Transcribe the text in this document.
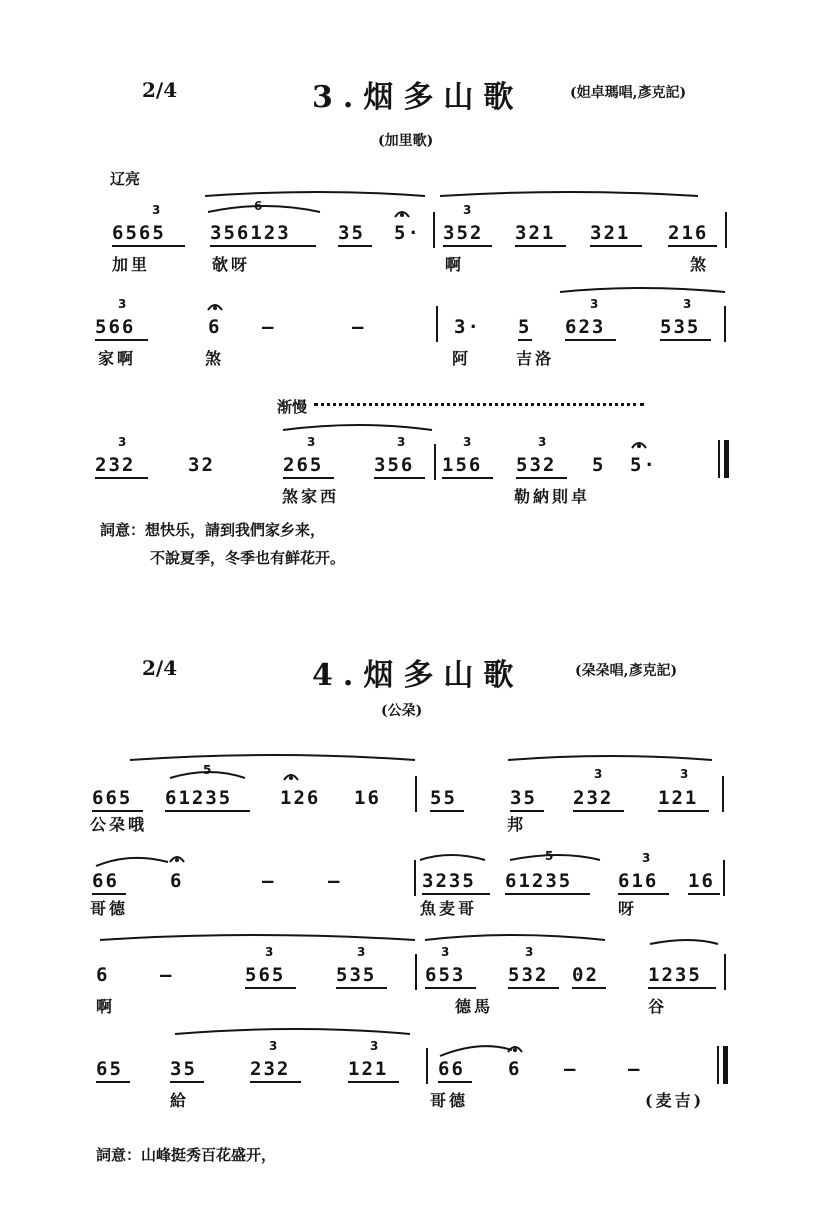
2/4	3.烟多山歌	(妲卓瑪唱,彥克記)
(加里歌)
辽亮
6565 356123 35 5· 352 321 321 216
加里	欹呀	啊	煞
566	6 —	—	3· 5 623	535
家啊	煞	阿	吉洛
渐慢
232	32	265	356 156 532 5 5·
煞家西	勒納則卓
詞意：想快乐，請到我們家乡来，
不說夏季，冬季也有鲜花开。
2/4	4.烟多山歌	(朶朶唱,彥克記)
(公朶)
665 61235	126 16	55	35 232 121
公朶哦	邦
66	6	—	—	3235 61235 616 16
哥德	魚麦哥	呀
6	—	565	535	653 532 02	1235
啊	德馬	谷
65 35	232	121	66 6 —	—
給	哥德	(麦吉)
詞意：山峰挺秀百花盛开，
3	6	3
3	3	3
3	3	3	3	3
5	3	3
5	3
3	3	3	3
3	3
